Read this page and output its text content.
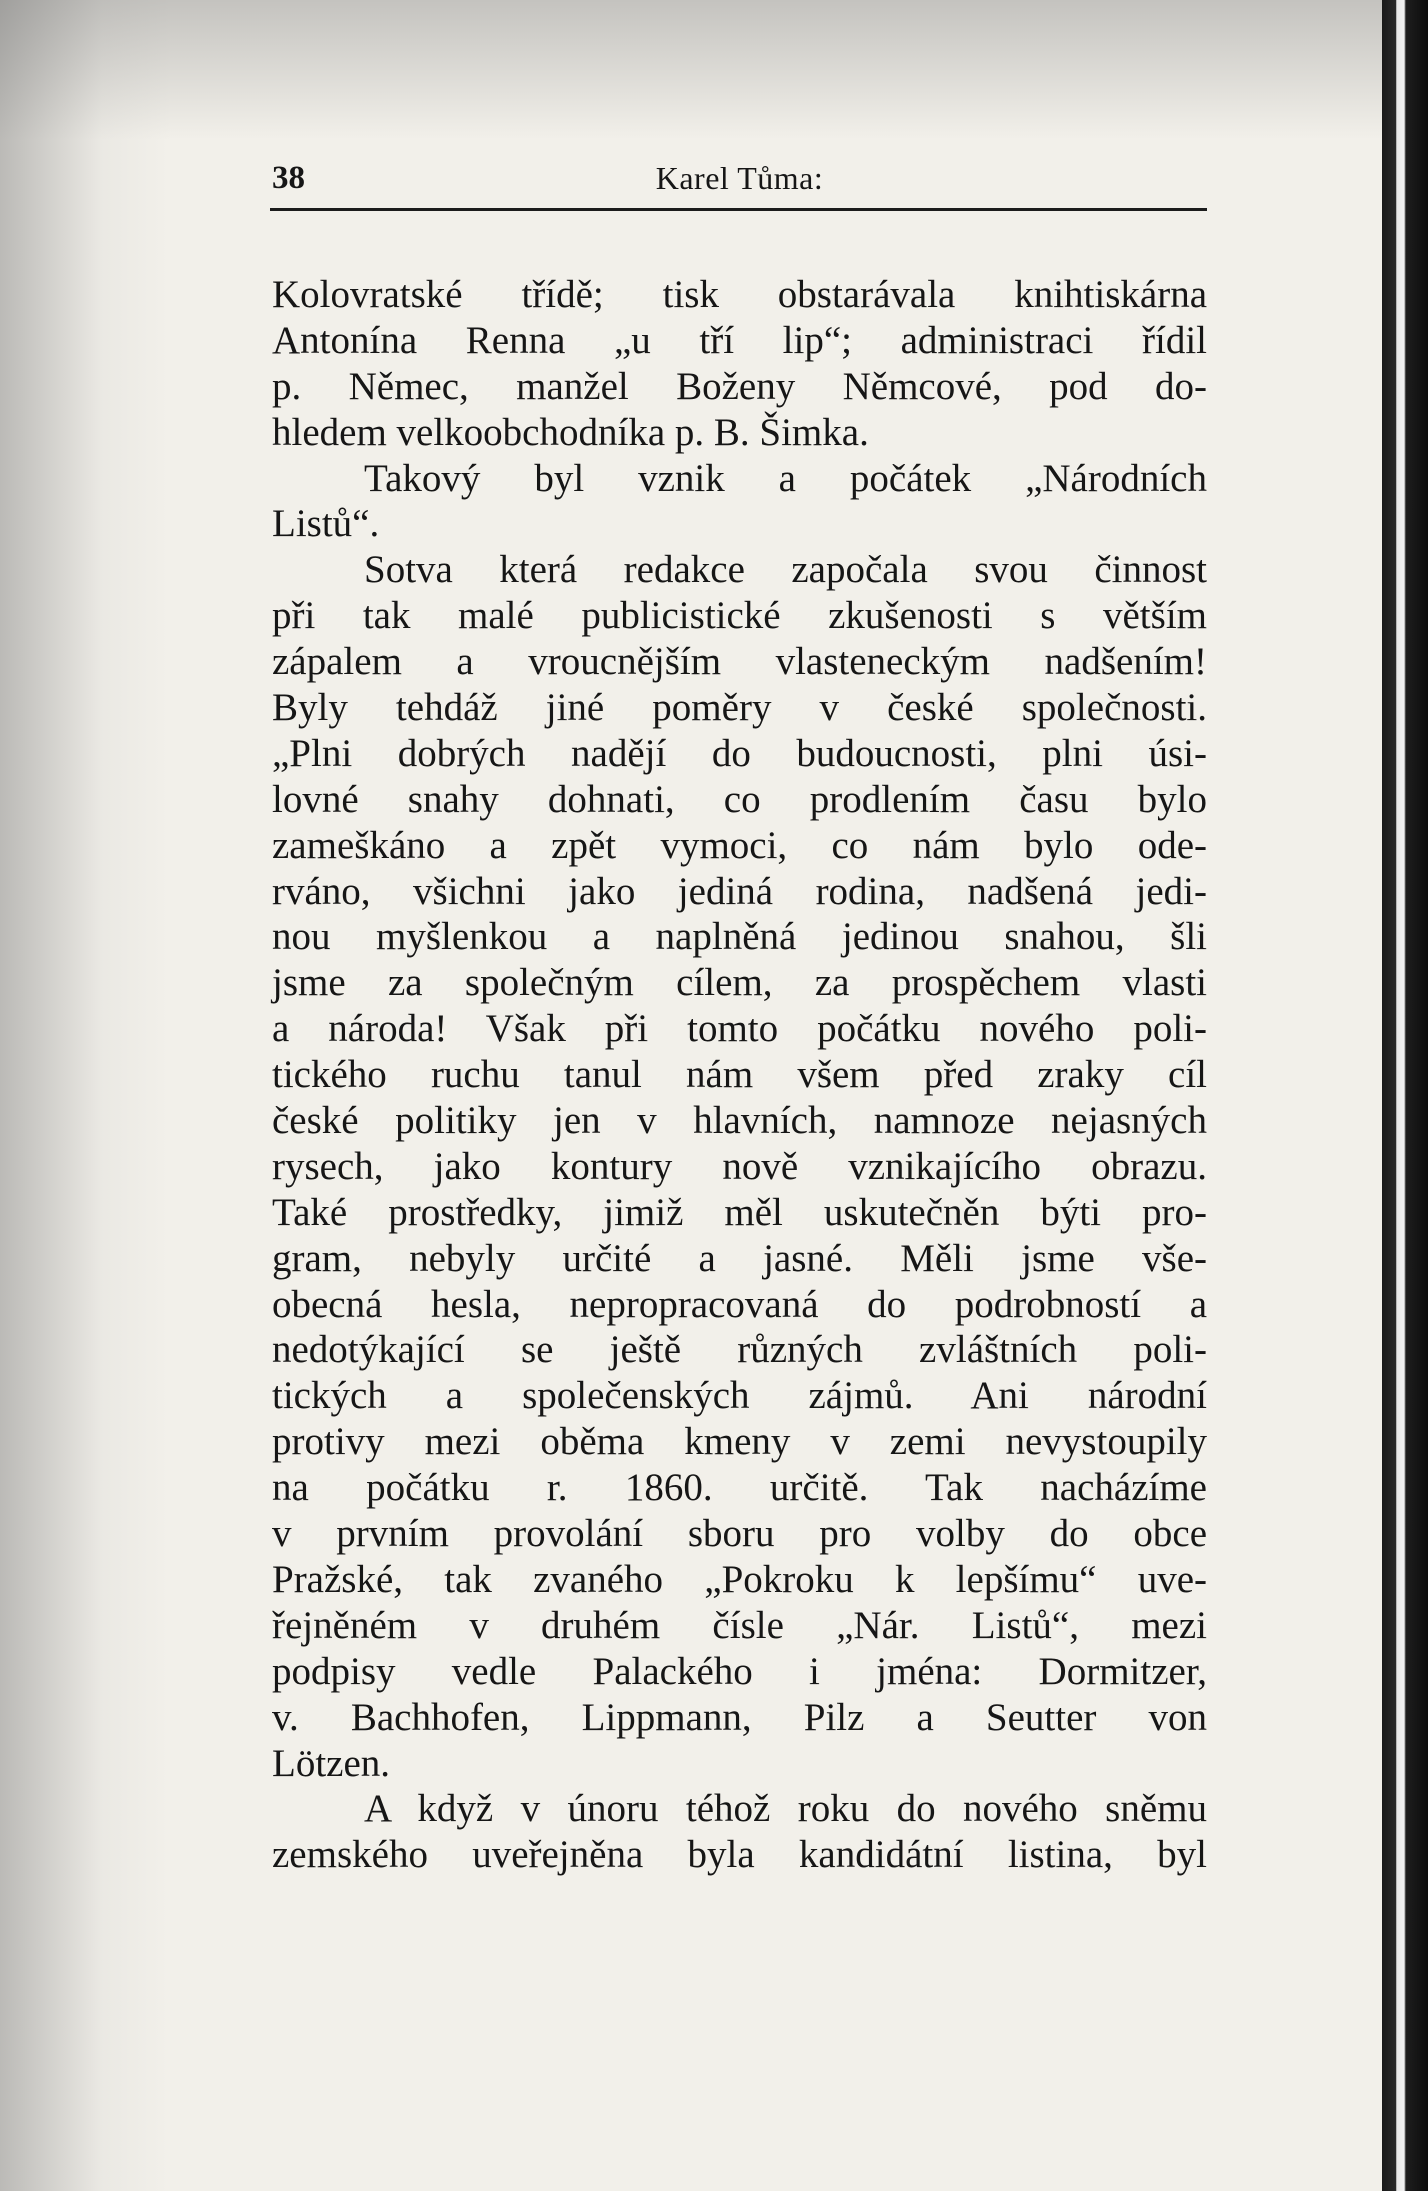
38	Karel Tůma:
Kolovratské třídě; tisk obstarávala knihtiskárna
Antonína Renna „u tří lip“; administraci řídil
p. Němec, manžel Boženy Němcové, pod do-
hledem velkoobchodníka p. B. Šimka.
Takový byl vznik a počátek „Národních
Listů“.
Sotva která redakce započala svou činnost
při tak malé publicistické zkušenosti s větším
zápalem a vroucnějším vlasteneckým nadšením!
Byly tehdáž jiné poměry v české společnosti.
„Plni dobrých nadějí do budoucnosti, plni úsi-
lovné snahy dohnati, co prodlením času bylo
zameškáno a zpět vymoci, co nám bylo ode-
rváno, všichni jako jediná rodina, nadšená jedi-
nou myšlenkou a naplněná jedinou snahou, šli
jsme za společným cílem, za prospěchem vlasti
a národa! Však při tomto počátku nového poli-
tického ruchu tanul nám všem před zraky cíl
české politiky jen v hlavních, namnoze nejasných
rysech, jako kontury nově vznikajícího obrazu.
Také prostředky, jimiž měl uskutečněn býti pro-
gram, nebyly určité a jasné. Měli jsme vše-
obecná hesla, nepropracovaná do podrobností a
nedotýkající se ještě různých zvláštních poli-
tických a společenských zájmů. Ani národní
protivy mezi oběma kmeny v zemi nevystoupily
na počátku r. 1860. určitě. Tak nacházíme
v prvním provolání sboru pro volby do obce
Pražské, tak zvaného „Pokroku k lepšímu“ uve-
řejněném v druhém čísle „Nár. Listů“, mezi
podpisy vedle Palackého i jména: Dormitzer,
v. Bachhofen, Lippmann, Pilz a Seutter von
Lötzen.
A když v únoru téhož roku do nového sněmu
zemského uveřejněna byla kandidátní listina, byl
